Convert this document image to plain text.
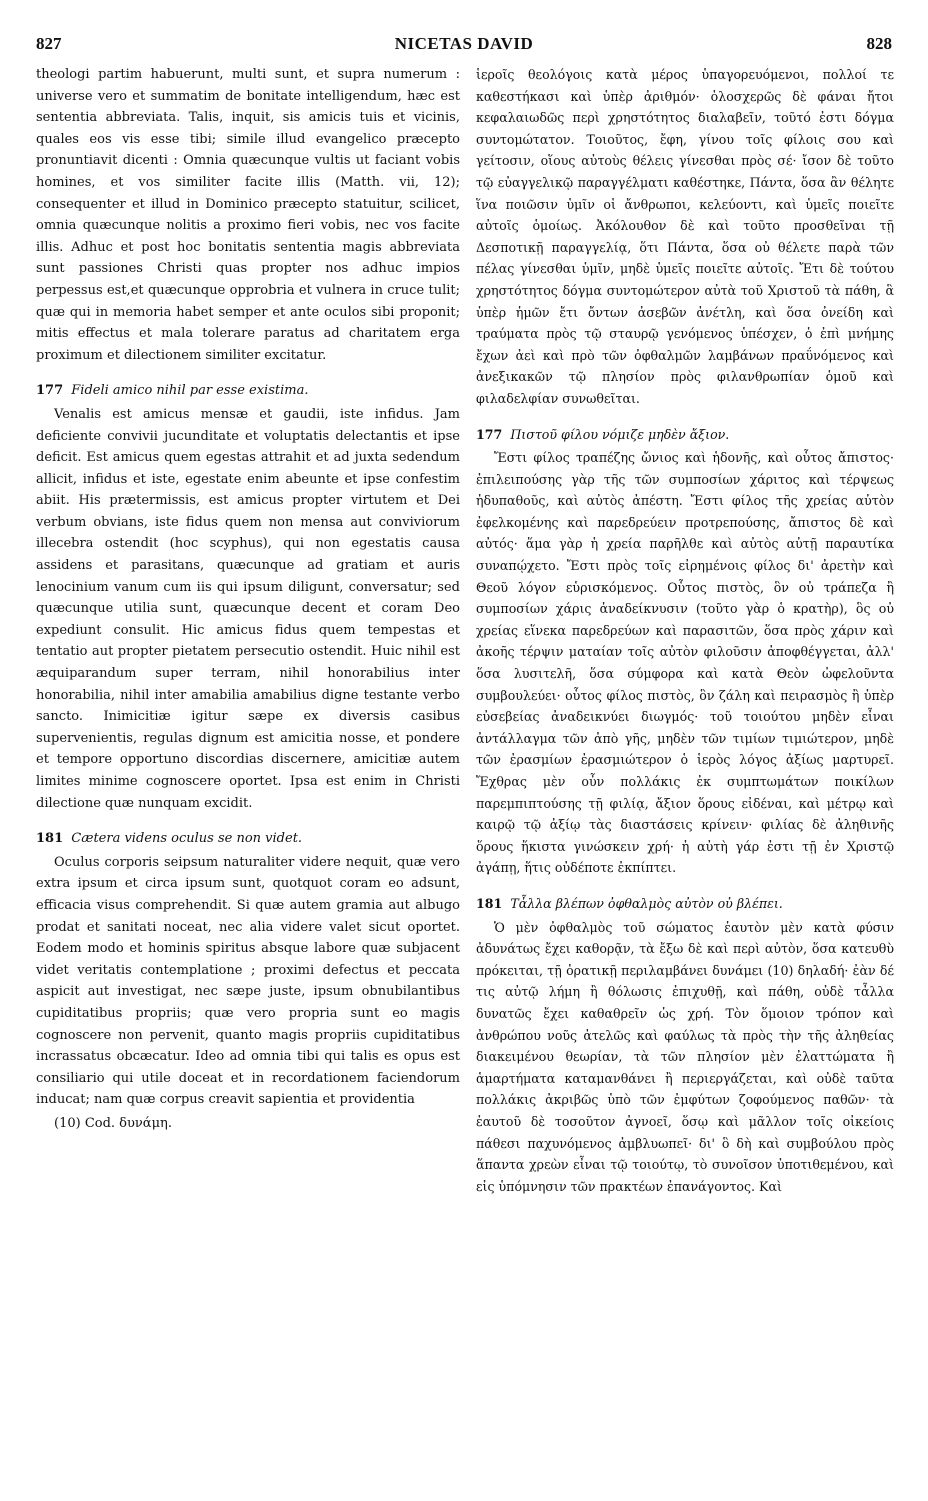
827	NICETAS DAVID	828

theologi partim habuerunt, multi sunt, et supra numerum : universe vero et summatim de bonitate intelligendum, hæc est sententia abbreviata. Talis, inquit, sis amicis tuis et vicinis, quales eos vis esse tibi; simile illud evangelico præcepto pronuntiavit dicenti : Omnia quæcunque vultis ut faciant vobis homines, et vos similiter facite illis (Matth. vii, 12); consequenter et illud in Dominico præcepto statuitur, scilicet, omnia quæcunque nolitis a proximo fieri vobis, nec vos facite illis. Adhuc et post hoc bonitatis sententia magis abbreviata sunt passiones Christi quas propter nos adhuc impios perpessus est,et quæcunque opprobria et vulnera in cruce tulit; quæ qui in memoria habet semper et ante oculos sibi proponit; mitis effectus et mala tolerare paratus ad charitatem erga proximum et dilectionem similiter excitatur.

177 Fideli amico nihil par esse existima.

Venalis est amicus mensæ et gaudii, iste infidus. Jam deficiente convivii jucunditate et voluptatis delectantis et ipse deficit. Est amicus quem egestas attrahit et ad juxta sedendum allicit, infidus et iste, egestate enim abeunte et ipse confestim abiit. His prætermissis, est amicus propter virtutem et Dei verbum obvians, iste fidus quem non mensa aut conviviorum illecebra ostendit (hoc scyphus), qui non egestatis causa assidens et parasitans, quæcunque ad gratiam et auris lenocinium vanum cum iis qui ipsum diligunt, conversatur; sed quæcunque utilia sunt, quæcunque decent et coram Deo expediunt consulit. Hic amicus fidus quem tempestas et tentatio aut propter pietatem persecutio ostendit. Huic nihil est æquiparandum super terram, nihil honorabilius inter honorabilia, nihil inter amabilia amabilius digne testante verbo sancto. Inimicitiæ igitur sæpe ex diversis casibus supervenientis, regulas dignum est amicitia nosse, et pondere et tempore opportuno discordias discernere, amicitiæ autem limites minime cognoscere oportet. Ipsa est enim in Christi dilectione quæ nunquam excidit.

181 Cætera videns oculus se non videt.

Oculus corporis seipsum naturaliter videre nequit, quæ vero extra ipsum et circa ipsum sunt, quotquot coram eo adsunt, efficacia visus comprehendit. Si quæ autem gramia aut albugo prodat et sanitati noceat, nec alia videre valet sicut oportet. Eodem modo et hominis spiritus absque labore quæ subjacent videt veritatis contemplatione ; proximi defectus et peccata aspicit aut investigat, nec sæpe juste, ipsum obnubilantibus cupiditatibus propriis; quæ vero propria sunt eo magis cognoscere non pervenit, quanto magis propriis cupiditatibus incrassatus obcæcatur. Ideo ad omnia tibi qui talis es opus est consiliario qui utile doceat et in recordationem faciendorum inducat; nam quæ corpus creavit sapientia et providentia

(10) Cod. δυνάμη.

ἱεροῖς θεολόγοις κατὰ μέρος ὑπαγορευόμενοι, πολλοί τε καθεστήκασι καὶ ὑπὲρ ἀριθμόν· ὁλοσχερῶς δὲ φάναι ἤτοι κεφαλαιωδῶς περὶ χρηστότητος διαλαβεῖν, τοῦτό ἐστι δόγμα συντομώτατον. Τοιοῦτος, ἔφη, γίνου τοῖς φίλοις σου καὶ γείτοσιν, οἵους αὐτοὺς θέλεις γίνεσθαι πρὸς σέ· ἴσον δὲ τοῦτο τῷ εὐαγγελικῷ παραγγέλματι καθέστηκε, Πάντα, ὅσα ἂν θέλητε ἵνα ποιῶσιν ὑμῖν οἱ ἄνθρωποι, κελεύοντι, καὶ ὑμεῖς ποιεῖτε αὐτοῖς ὁμοίως. Ἀκόλουθον δὲ καὶ τοῦτο προσθεῖναι τῇ Δεσποτικῇ παραγγελίᾳ, ὅτι Πάντα, ὅσα οὐ θέλετε παρὰ τῶν πέλας γίνεσθαι ὑμῖν, μηδὲ ὑμεῖς ποιεῖτε αὐτοῖς. Ἔτι δὲ τούτου χρηστότητος δόγμα συντομώτερον αὐτὰ τοῦ Χριστοῦ τὰ πάθη, ἃ ὑπὲρ ἡμῶν ἔτι ὄντων ἀσεβῶν ἀνέτλη, καὶ ὅσα ὀνείδη καὶ τραύματα πρὸς τῷ σταυρῷ γενόμενος ὑπέσχεν, ὁ ἐπὶ μνήμης ἔχων ἀεὶ καὶ πρὸ τῶν ὀφθαλμῶν λαμβάνων πραΰνόμενος καὶ ἀνεξικακῶν τῷ πλησίον πρὸς φιλανθρωπίαν ὁμοῦ καὶ φιλαδελφίαν συνωθεῖται.

177 Πιστοῦ φίλου νόμιζε μηδὲν ἄξιον.

Ἔστι φίλος τραπέζης ὤνιος καὶ ἡδονῆς, καὶ οὗτος ἄπιστος· ἐπιλειπούσης γὰρ τῆς τῶν συμποσίων χάριτος καὶ τέρψεως ἡδυπαθοῦς, καὶ αὐτὸς ἀπέστη. Ἔστι φίλος τῆς χρείας αὐτὸν ἐφελκομένης καὶ παρεδρεύειν προτρεπούσης, ἄπιστος δὲ καὶ αὐτός· ἅμα γὰρ ἡ χρεία παρῆλθε καὶ αὐτὸς αὐτῇ παραυτίκα συναπῴχετο. Ἔστι πρὸς τοῖς εἰρημένοις φίλος δι' ἀρετὴν καὶ Θεοῦ λόγον εὑρισκόμενος. Οὗτος πιστὸς, ὃν οὐ τράπεζα ἢ συμποσίων χάρις ἀναδείκνυσιν (τοῦτο γὰρ ὁ κρατὴρ), ὃς οὐ χρείας εἵνεκα παρεδρεύων καὶ παρασιτῶν, ὅσα πρὸς χάριν καὶ ἀκοῆς τέρψιν ματαίαν τοῖς αὐτὸν φιλοῦσιν ἀποφθέγγεται, ἀλλ' ὅσα λυσιτελῆ, ὅσα σύμφορα καὶ κατὰ Θεὸν ὠφελοῦντα συμβουλεύει· οὗτος φίλος πιστὸς, ὃν ζάλη καὶ πειρασμὸς ἢ ὑπὲρ εὐσεβείας ἀναδεικνύει διωγμός· τοῦ τοιούτου μηδὲν εἶναι ἀντάλλαγμα τῶν ἀπὸ γῆς, μηδὲν τῶν τιμίων τιμιώτερον, μηδὲ τῶν ἐρασμίων ἐρασμιώτερον ὁ ἱερὸς λόγος ἀξίως μαρτυρεῖ. Ἔχθρας μὲν οὖν πολλάκις ἐκ συμπτωμάτων ποικίλων παρεμπιπτούσης τῇ φιλίᾳ, ἄξιον ὅρους εἰδέναι, καὶ μέτρῳ καὶ καιρῷ τῷ ἀξίῳ τὰς διαστάσεις κρίνειν· φιλίας δὲ ἀληθινῆς ὅρους ἥκιστα γινώσκειν χρή· ἡ αὐτὴ γάρ ἐστι τῇ ἐν Χριστῷ ἀγάπῃ, ἥτις οὐδέποτε ἐκπίπτει.

181 Τἆλλα βλέπων ὀφθαλμὸς αὐτὸν οὐ βλέπει.

Ὁ μὲν ὀφθαλμὸς τοῦ σώματος ἑαυτὸν μὲν κατὰ φύσιν ἀδυνάτως ἔχει καθορᾷν, τὰ ἔξω δὲ καὶ περὶ αὐτὸν, ὅσα κατευθὺ πρόκειται, τῇ ὁρατικῇ περιλαμβάνει δυνάμει (10) δηλαδή· ἐὰν δέ τις αὐτῷ λήμη ἢ θόλωσις ἐπιχυθῇ, καὶ πάθη, οὐδὲ τἆλλα δυνατῶς ἔχει καθαθρεῖν ὡς χρή. Τὸν ὅμοιον τρόπον καὶ ἀνθρώπου νοῦς ἀτελῶς καὶ φαύλως τὰ πρὸς τὴν τῆς ἀληθείας διακειμένου θεωρίαν, τὰ τῶν πλησίον μὲν ἐλαττώματα ἢ ἁμαρτήματα καταμανθάνει ἢ περιεργάζεται, καὶ οὐδὲ ταῦτα πολλάκις ἀκριβῶς ὑπὸ τῶν ἐμφύτων ζοφούμενος παθῶν· τὰ ἑαυτοῦ δὲ τοσοῦτον ἀγνοεῖ, ὅσῳ καὶ μᾶλλον τοῖς οἰκείοις πάθεσι παχυνόμενος ἀμβλυωπεῖ· δι' ὃ δὴ καὶ συμβούλου πρὸς ἅπαντα χρεὼν εἶναι τῷ τοιούτῳ, τὸ συνοῖσον ὑποτιθεμένου, καὶ εἰς ὑπόμνησιν τῶν πρακτέων ἐπανάγοντος. Καὶ
